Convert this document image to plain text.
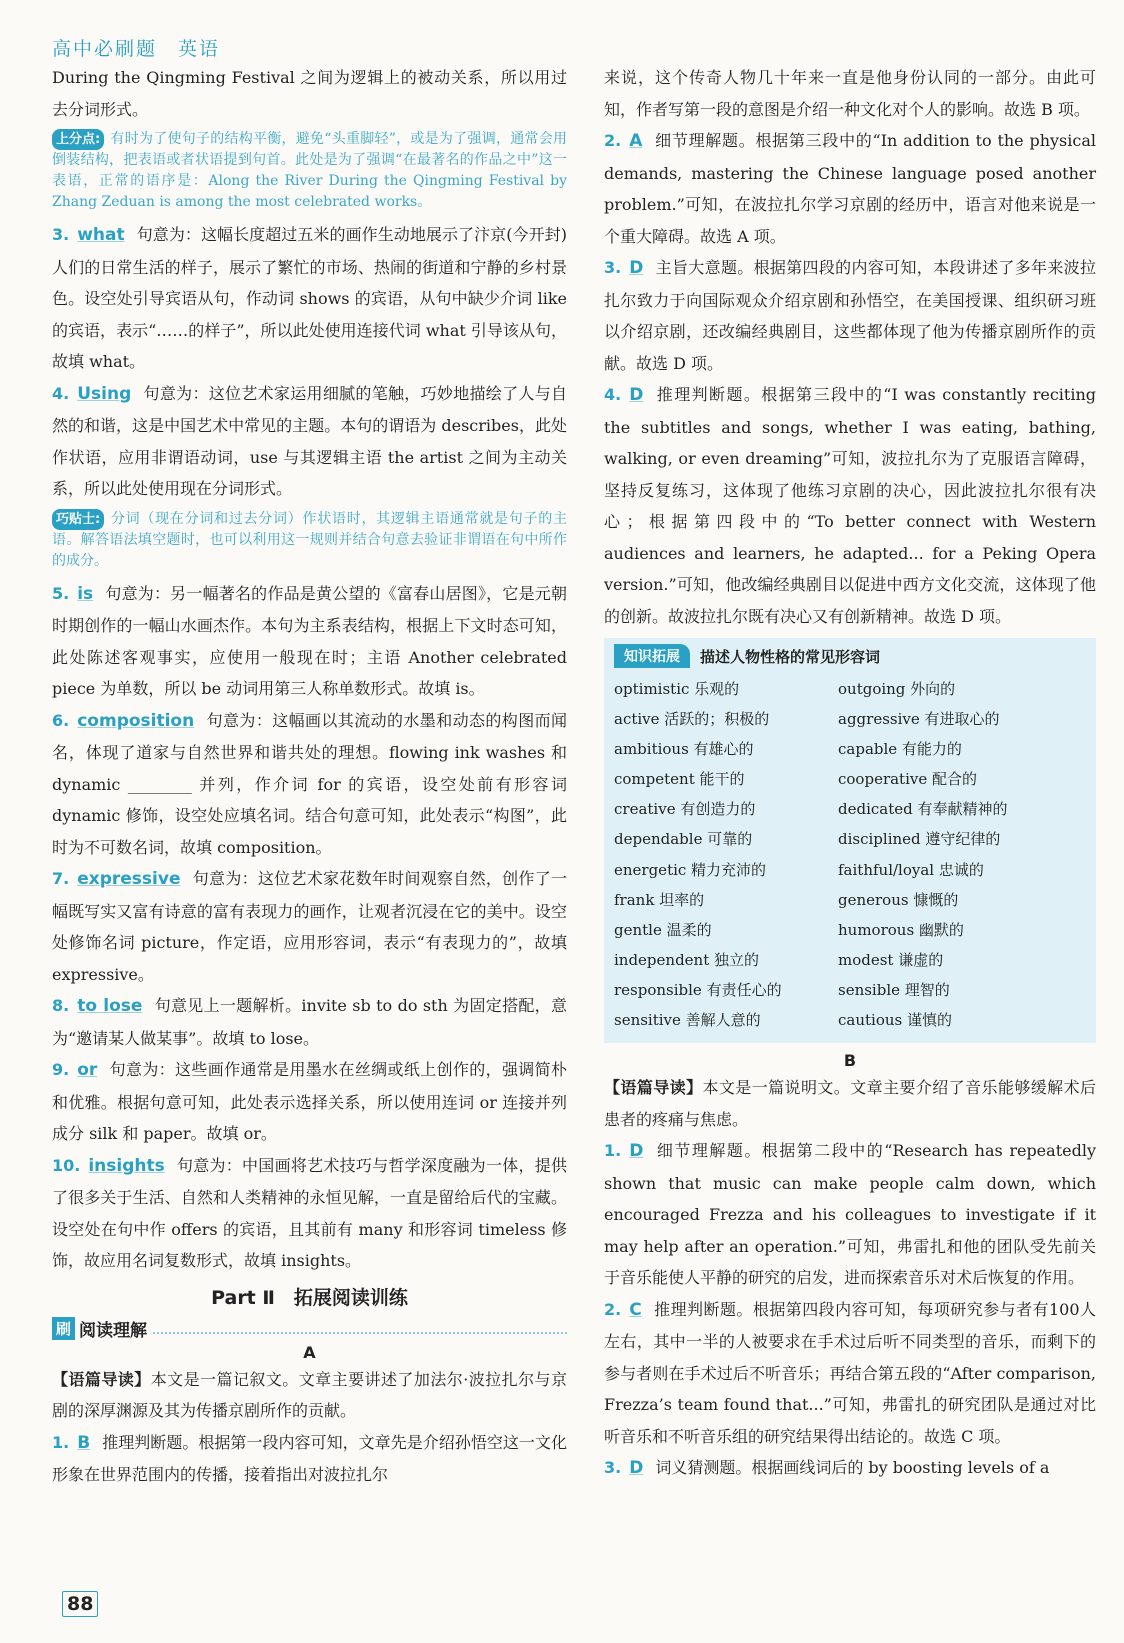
高中必刷题　英语

During the Qingming Festival 之间为逻辑上的被动关系，所以用过去分词形式。

上分点: 有时为了使句子的结构平衡，避免“头重脚轻”，或是为了强调，通常会用倒装结构，把表语或者状语提到句首。此处是为了强调“在最著名的作品之中”这一表语，正常的语序是：Along the River During the Qingming Festival by Zhang Zeduan is among the most celebrated works。

3. what 句意为：这幅长度超过五米的画作生动地展示了汴京(今开封)人们的日常生活的样子，展示了繁忙的市场、热闹的街道和宁静的乡村景色。设空处引导宾语从句，作动词 shows 的宾语，从句中缺少介词 like 的宾语，表示“……的样子”，所以此处使用连接代词 what 引导该从句，故填 what。

4. Using 句意为：这位艺术家运用细腻的笔触，巧妙地描绘了人与自然的和谐，这是中国艺术中常见的主题。本句的谓语为 describes，此处作状语，应用非谓语动词，use 与其逻辑主语 the artist 之间为主动关系，所以此处使用现在分词形式。

巧贴士: 分词（现在分词和过去分词）作状语时，其逻辑主语通常就是句子的主语。解答语法填空题时，也可以利用这一规则并结合句意去验证非谓语在句中所作的成分。

5. is 句意为：另一幅著名的作品是黄公望的《富春山居图》，它是元朝时期创作的一幅山水画杰作。本句为主系表结构，根据上下文时态可知，此处陈述客观事实，应使用一般现在时；主语 Another celebrated piece 为单数，所以 be 动词用第三人称单数形式。故填 is。

6. composition 句意为：这幅画以其流动的水墨和动态的构图而闻名，体现了道家与自然世界和谐共处的理想。flowing ink washes 和 dynamic ________ 并列，作介词 for 的宾语，设空处前有形容词 dynamic 修饰，设空处应填名词。结合句意可知，此处表示“构图”，此时为不可数名词，故填 composition。

7. expressive 句意为：这位艺术家花数年时间观察自然，创作了一幅既写实又富有诗意的富有表现力的画作，让观者沉浸在它的美中。设空处修饰名词 picture，作定语，应用形容词，表示“有表现力的”，故填 expressive。

8. to lose 句意见上一题解析。invite sb to do sth 为固定搭配，意为“邀请某人做某事”。故填 to lose。

9. or 句意为：这些画作通常是用墨水在丝绸或纸上创作的，强调简朴和优雅。根据句意可知，此处表示选择关系，所以使用连词 or 连接并列成分 silk 和 paper。故填 or。

10. insights 句意为：中国画将艺术技巧与哲学深度融为一体，提供了很多关于生活、自然和人类精神的永恒见解，一直是留给后代的宝藏。设空处在句中作 offers 的宾语，且其前有 many 和形容词 timeless 修饰，故应用名词复数形式，故填 insights。

Part Ⅱ　拓展阅读训练
刷 阅读理解
A

【语篇导读】本文是一篇记叙文。文章主要讲述了加法尔·波拉扎尔与京剧的深厚渊源及其为传播京剧所作的贡献。

1. B 推理判断题。根据第一段内容可知，文章先是介绍孙悟空这一文化形象在世界范围内的传播，接着指出对波拉扎尔

来说，这个传奇人物几十年来一直是他身份认同的一部分。由此可知，作者写第一段的意图是介绍一种文化对个人的影响。故选 B 项。

2. A 细节理解题。根据第三段中的“In addition to the physical demands, mastering the Chinese language posed another problem.”可知，在波拉扎尔学习京剧的经历中，语言对他来说是一个重大障碍。故选 A 项。

3. D 主旨大意题。根据第四段的内容可知，本段讲述了多年来波拉扎尔致力于向国际观众介绍京剧和孙悟空，在美国授课、组织研习班以介绍京剧，还改编经典剧目，这些都体现了他为传播京剧所作的贡献。故选 D 项。

4. D 推理判断题。根据第三段中的“I was constantly reciting the subtitles and songs, whether I was eating, bathing, walking, or even dreaming”可知，波拉扎尔为了克服语言障碍，坚持反复练习，这体现了他练习京剧的决心，因此波拉扎尔很有决心；根据第四段中的“To better connect with Western audiences and learners, he adapted... for a Peking Opera version.”可知，他改编经典剧目以促进中西方文化交流，这体现了他的创新。故波拉扎尔既有决心又有创新精神。故选 D 项。

知识拓展	描述人物性格的常见形容词
optimistic 乐观的	outgoing 外向的
active 活跃的；积极的	aggressive 有进取心的
ambitious 有雄心的	capable 有能力的
competent 能干的	cooperative 配合的
creative 有创造力的	dedicated 有奉献精神的
dependable 可靠的	disciplined 遵守纪律的
energetic 精力充沛的	faithful/loyal 忠诚的
frank 坦率的	generous 慷慨的
gentle 温柔的	humorous 幽默的
independent 独立的	modest 谦虚的
responsible 有责任心的	sensible 理智的
sensitive 善解人意的	cautious 谨慎的
B

【语篇导读】本文是一篇说明文。文章主要介绍了音乐能够缓解术后患者的疼痛与焦虑。

1. D 细节理解题。根据第二段中的“Research has repeatedly shown that music can make people calm down, which encouraged Frezza and his colleagues to investigate if it may help after an operation.”可知，弗雷扎和他的团队受先前关于音乐能使人平静的研究的启发，进而探索音乐对术后恢复的作用。

2. C 推理判断题。根据第四段内容可知，每项研究参与者有100人左右，其中一半的人被要求在手术过后听不同类型的音乐，而剩下的参与者则在手术过后不听音乐；再结合第五段的“After comparison, Frezza’s team found that...”可知，弗雷扎的研究团队是通过对比听音乐和不听音乐组的研究结果得出结论的。故选 C 项。

3. D 词义猜测题。根据画线词后的 by boosting levels of a

88
